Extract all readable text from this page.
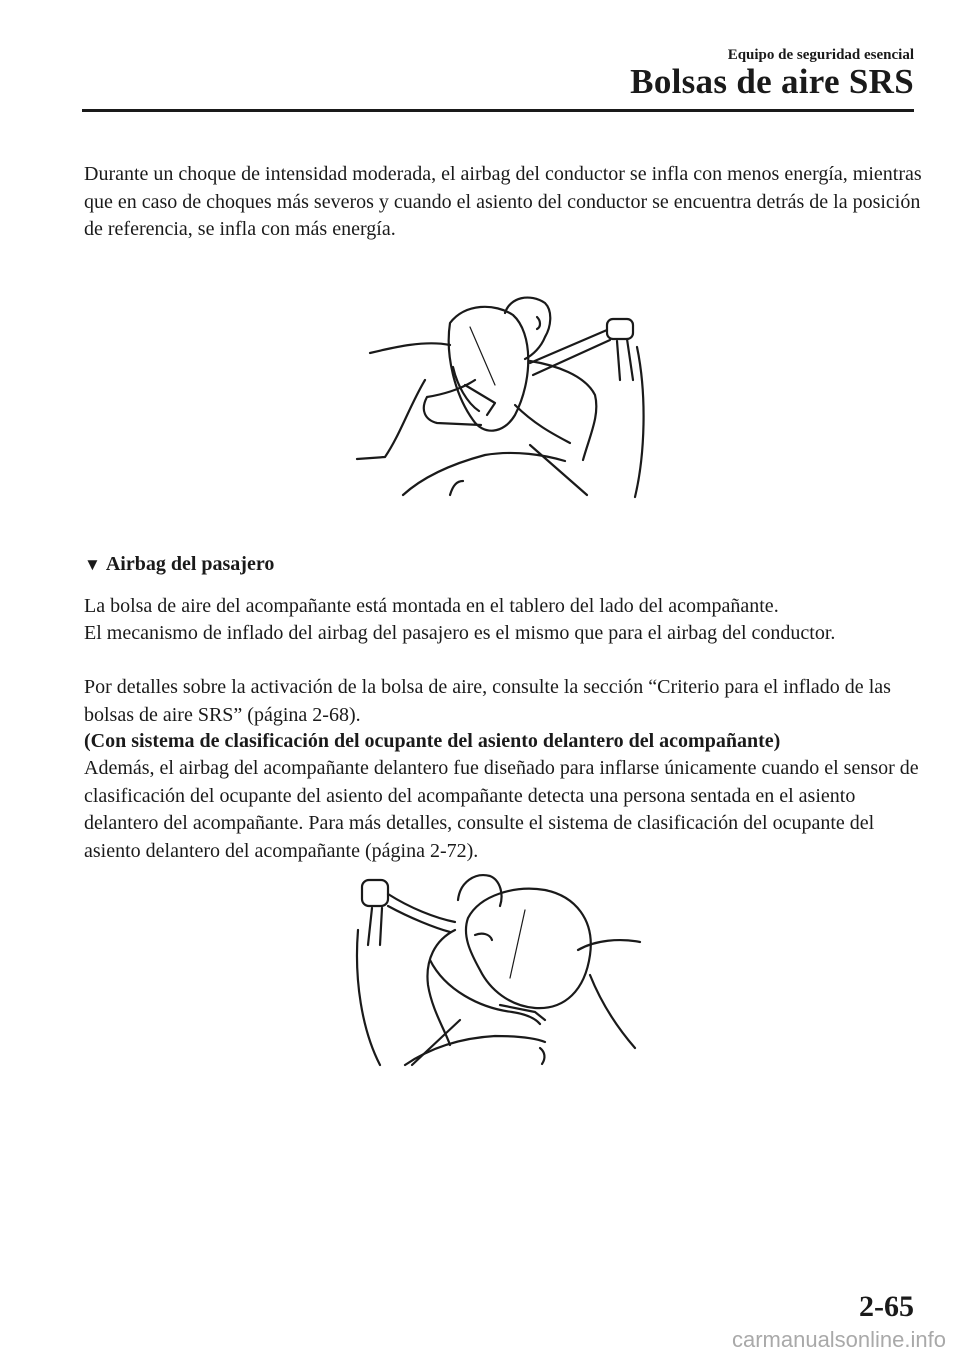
Equipo de seguridad esencial
Bolsas de aire SRS

Durante un choque de intensidad moderada, el airbag del conductor se infla con menos energía, mientras que en caso de choques más severos y cuando el asiento del conductor se encuentra detrás de la posición de referencia, se infla con más energía.

▼ Airbag del pasajero

La bolsa de aire del acompañante está montada en el tablero del lado del acompañante.

El mecanismo de inflado del airbag del pasajero es el mismo que para el airbag del conductor.

Por detalles sobre la activación de la bolsa de aire, consulte la sección “Criterio para el inflado de las bolsas de aire SRS” (página 2-68).

(Con sistema de clasificación del ocupante del asiento delantero del acompañante)

Además, el airbag del acompañante delantero fue diseñado para inflarse únicamente cuando el sensor de clasificación del ocupante del asiento del acompañante detecta una persona sentada en el asiento delantero del acompañante. Para más detalles, consulte el sistema de clasificación del ocupante del asiento delantero del acompañante (página 2-72).

2-65
carmanualsonline.info
